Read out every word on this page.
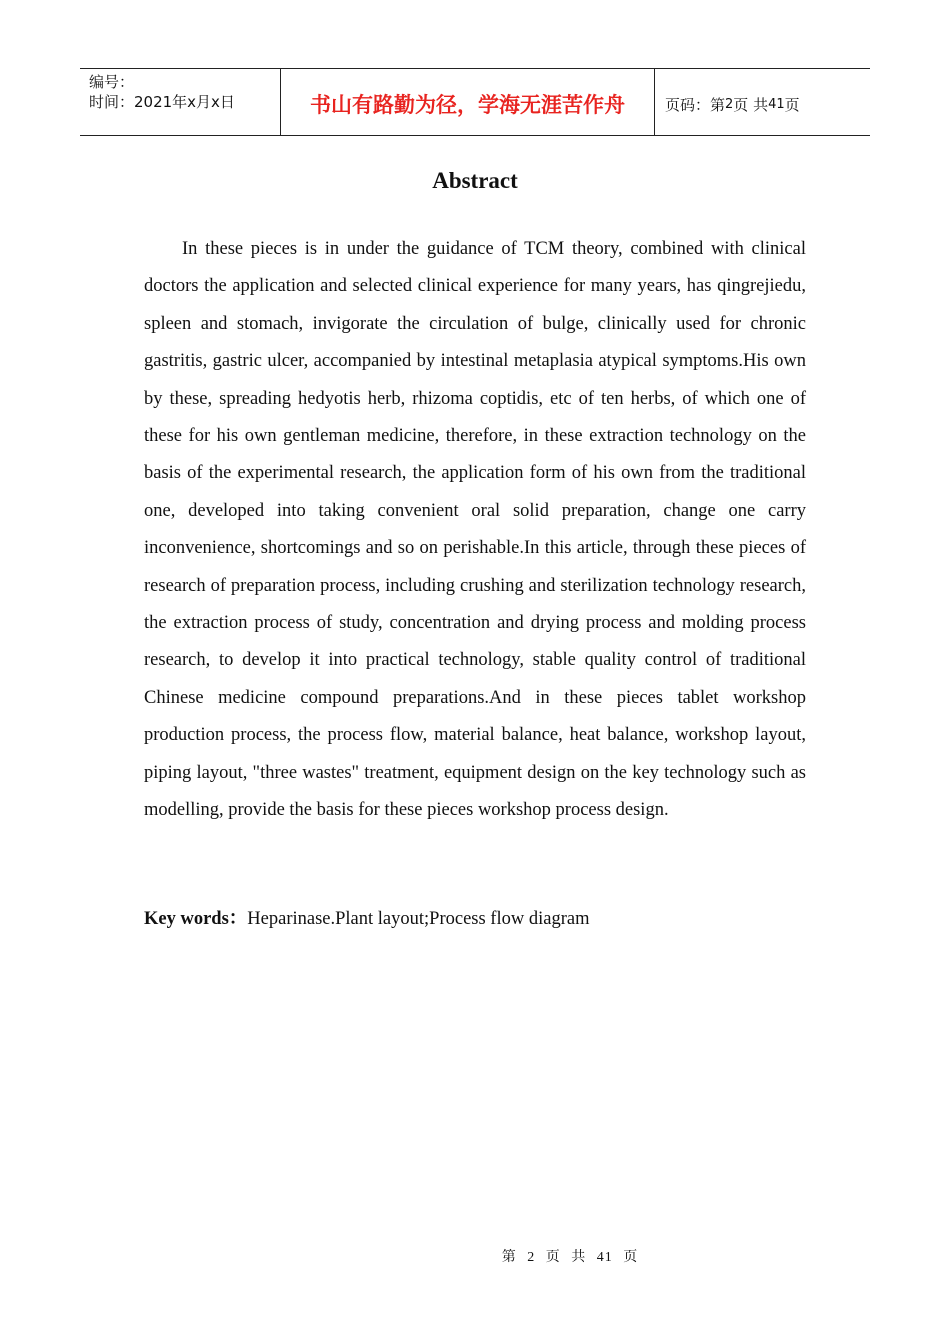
编号：
时间：2021年x月x日	书山有路勤为径，学海无涯苦作舟	页码：第 2 页 共 41 页
Abstract

In these pieces is in under the guidance of TCM theory, combined with clinical doctors the application and selected clinical experience for many years, has qingrejiedu, spleen and stomach, invigorate the circulation of bulge, clinically used for chronic gastritis, gastric ulcer, accompanied by intestinal metaplasia atypical symptoms.His own by these, spreading hedyotis herb, rhizoma coptidis, etc of ten herbs, of which one of these for his own gentleman medicine, therefore, in these extraction technology on the basis of the experimental research, the application form of his own from the traditional one, developed into taking convenient oral solid preparation, change one carry inconvenience, shortcomings and so on perishable.In this article, through these pieces of research of preparation process, including crushing and sterilization technology research, the extraction process of study, concentration and drying process and molding process research, to develop it into practical technology, stable quality control of traditional Chinese medicine compound preparations.And in these pieces tablet workshop production process, the process flow, material balance, heat balance, workshop layout, piping layout, "three wastes" treatment, equipment design on the key technology such as modelling, provide the basis for these pieces workshop process design.

Key words：Heparinase.Plant layout;Process flow diagram

第 2 页 共 41 页
